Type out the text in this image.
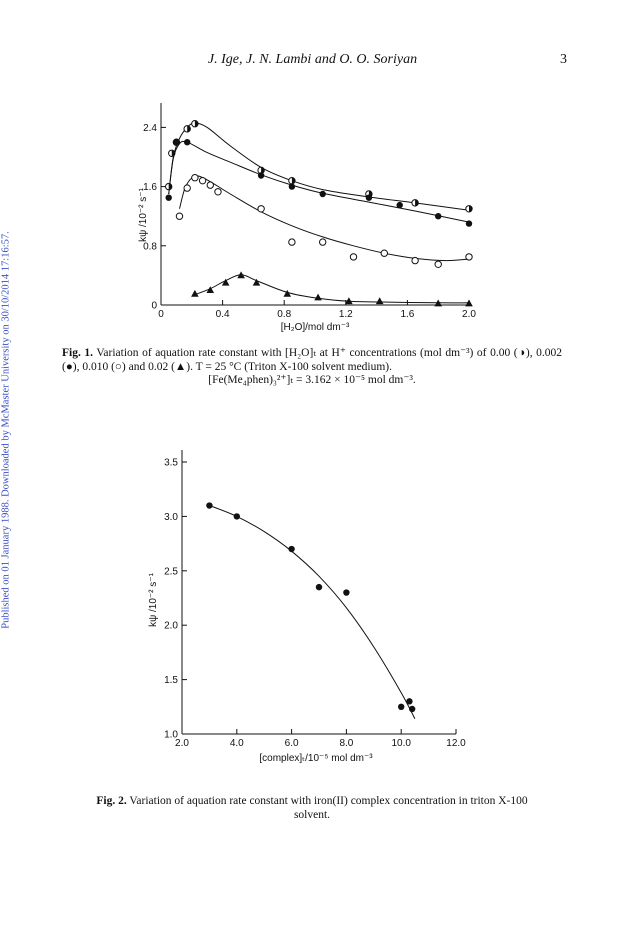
J. Ige, J. N. Lambi and O. O. Soriyan	3
Published on 01 January 1988. Downloaded by McMaster University on 30/10/2014 17:16:57.	0	0.4	0.8	1.2	1.6	2.0
0
0.8
1.6
2.4
[H₂O]/mol dm⁻³
kψ /10⁻² s⁻¹
Fig. 1. Variation of aquation rate constant with [H₂O]ₜ at H⁺ concentrations (mol dm⁻³) of 0.00 (◑), 0.002 (●), 0.010 (○) and 0.02 (▲). T = 25 °C (Triton X-100 solvent medium).
[Fe(Me₄phen)₃²⁺]ₜ = 3.162 × 10⁻⁵ mol dm⁻³.
2.0	4.0	6.0	8.0	10.0	12.0
1.0
1.5
2.0
2.5
3.0
3.5
[complex]ₜ/10⁻⁵ mol dm⁻³
kψ /10⁻² s⁻¹
Fig. 2. Variation of aquation rate constant with iron(II) complex concentration in triton X-100
solvent.
